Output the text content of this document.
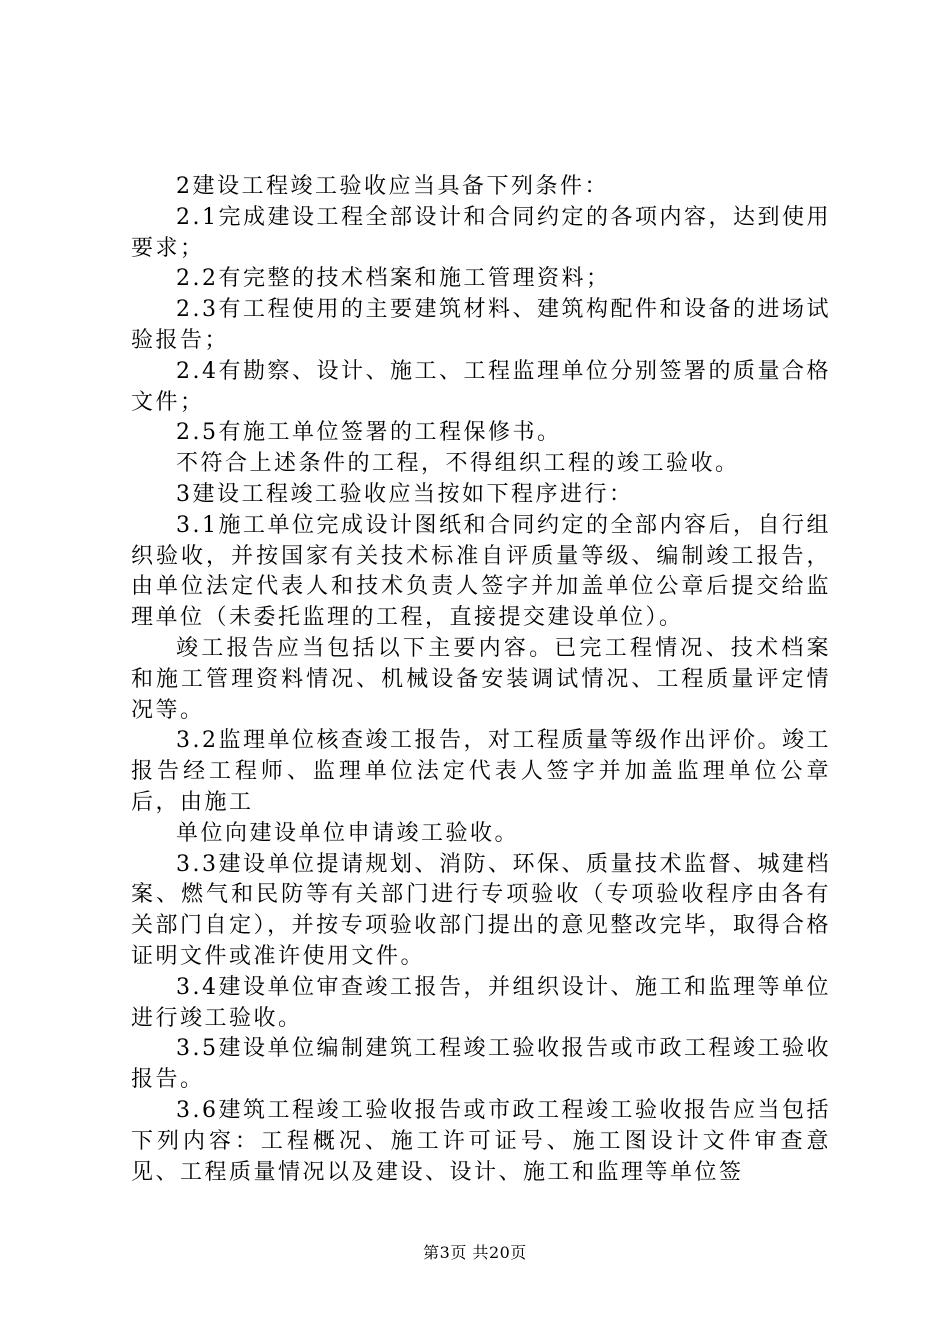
2建设工程竣工验收应当具备下列条件：

2.1完成建设工程全部设计和合同约定的各项内容，达到使用要求；

2.2有完整的技术档案和施工管理资料；

2.3有工程使用的主要建筑材料、建筑构配件和设备的进场试验报告；

2.4有勘察、设计、施工、工程监理单位分别签署的质量合格文件；

2.5有施工单位签署的工程保修书。

不符合上述条件的工程，不得组织工程的竣工验收。

3建设工程竣工验收应当按如下程序进行：

3.1施工单位完成设计图纸和合同约定的全部内容后，自行组织验收，并按国家有关技术标准自评质量等级、编制竣工报告，由单位法定代表人和技术负责人签字并加盖单位公章后提交给监理单位（未委托监理的工程，直接提交建设单位）。

竣工报告应当包括以下主要内容。已完工程情况、技术档案和施工管理资料情况、机械设备安装调试情况、工程质量评定情况等。

3.2监理单位核查竣工报告，对工程质量等级作出评价。竣工报告经工程师、监理单位法定代表人签字并加盖监理单位公章后，由施工

单位向建设单位申请竣工验收。

3.3建设单位提请规划、消防、环保、质量技术监督、城建档案、燃气和民防等有关部门进行专项验收（专项验收程序由各有关部门自定），并按专项验收部门提出的意见整改完毕，取得合格证明文件或准许使用文件。

3.4建设单位审查竣工报告，并组织设计、施工和监理等单位进行竣工验收。

3.5建设单位编制建筑工程竣工验收报告或市政工程竣工验收报告。

3.6建筑工程竣工验收报告或市政工程竣工验收报告应当包括下列内容：工程概况、施工许可证号、施工图设计文件审查意见、工程质量情况以及建设、设计、施工和监理等单位签

第3页 共20页
